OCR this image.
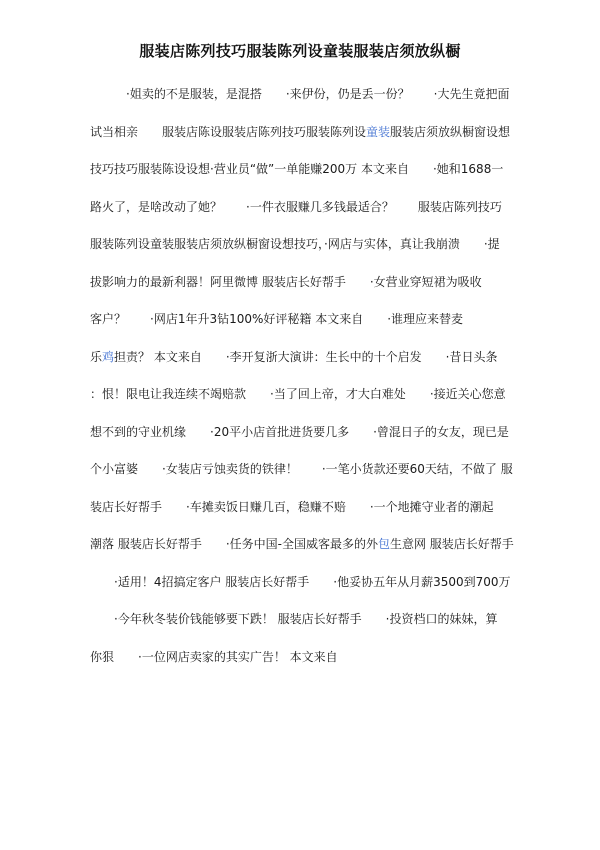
服装店陈列技巧服装陈列设童装服装店须放纵橱
　　　·姐卖的不是服装，是混搭　　·来伊份，仍是丢一份？　　·大先生竟把面
试当相亲　　服装店陈设服装店陈列技巧服装陈列设童装服装店须放纵橱窗设想
技巧技巧服装陈设设想·营业员“做”一单能赚200万 本文来自　　·她和1688一
路火了，是啥改动了她？　　·一件衣服赚几多钱最适合？　　服装店陈列技巧
服装陈列设童装服装店须放纵橱窗设想技巧，·网店与实体，真让我崩溃　　·提
拔影响力的最新利器！阿里微博 服装店长好帮手　　·女营业穿短裙为吸收
客户？　　·网店1年升3钻100%好评秘籍 本文来自　　·谁理应来替麦
乐鸡担责？ 本文来自　　·李开复浙大演讲：生长中的十个启发　　·昔日头条
：恨！限电让我连续不竭赔款　　·当了回上帝，才大白难处　　·接近关心您意
想不到的守业机缘　　·20平小店首批进货要几多　　·曾混日子的女友，现已是
个小富婆　　·女装店亏蚀卖货的铁律！　　·一笔小货款还要60天结，不做了 服
装店长好帮手　　·车摊卖饭日赚几百，稳赚不赔　　·一个地摊守业者的潮起
潮落 服装店长好帮手　　·任务中国-全国威客最多的外包生意网 服装店长好帮手
　　·适用！4招搞定客户 服装店长好帮手　　·他妥协五年从月薪3500到700万
　　·今年秋冬装价钱能够要下跌！ 服装店长好帮手　　·投资档口的妹妹，算
你狠　　·一位网店卖家的其实广告！ 本文来自
